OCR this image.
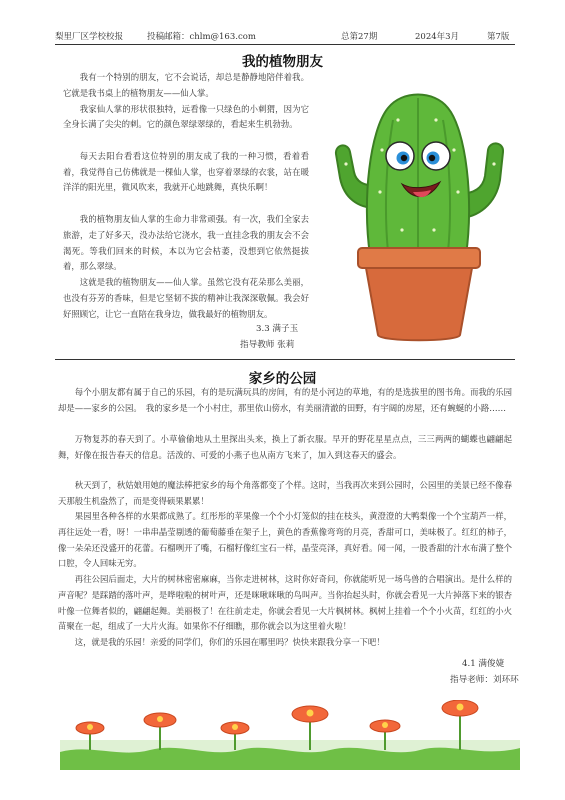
梨里厂区学校校报	投稿邮箱：chlm@163.com	总第27期	2024年3月	第7版
我的植物朋友

我有一个特别的朋友，它不会说话，却总是静静地陪伴着我。它就是我书桌上的植物朋友——仙人掌。

我家仙人掌的形状很独特，远看像一只绿色的小刺猬，因为它全身长满了尖尖的刺。它的颜色翠绿翠绿的，看起来生机勃勃。

每天去阳台看看这位特别的朋友成了我的一种习惯，看着看着，我觉得自己仿佛就是一棵仙人掌，也穿着翠绿的衣裳，站在暖洋洋的阳光里，微风吹来，我就开心地跳舞，真快乐啊！

我的植物朋友仙人掌的生命力非常顽强。有一次，我们全家去旅游，走了好多天，没办法给它浇水，我一直挂念我的朋友会不会渴死。等我们回来的时候，本以为它会枯萎，没想到它依然挺拔着，那么翠绿。

这就是我的植物朋友——仙人掌。虽然它没有花朵那么美丽，也没有芬芳的香味，但是它坚韧不拔的精神让我深深敬佩。我会好好照顾它，让它一直陪在我身边，做我最好的植物朋友。

3.3 满子玉
指导教师 张莉
家乡的公园

每个小朋友都有属于自己的乐园，有的是玩满玩具的房间，有的是小河边的草地，有的是选拔里的图书角。而我的乐园却是——家乡的公园。　我的家乡是一个小村庄，那里依山傍水，有美丽清澈的田野，有宇阔的房屋，还有蜿蜒的小路……

万物复苏的春天到了。小草偷偷地从土里探出头来，换上了新衣服。早开的野花星星点点，三三两两的蝴蝶也翩翩起舞，好像在报告春天的信息。活泼的、可爱的小燕子也从南方飞来了，加入到这春天的盛会。

秋天到了，秋姑娘用她的魔法棒把家乡的每个角落都变了个样。这时，当我再次来到公园时，公园里的美景已经不像春天那般生机盎然了，而是变得硕果累累！

果园里各种各样的水果都成熟了。红彤彤的苹果像一个个小灯笼似的挂在枝头，黄澄澄的大鸭梨像一个个宝葫芦一样，再往远处一看，呀！一串串晶莹剔透的葡萄藤垂在架子上，黄色的香蕉像弯弯的月亮，香甜可口，美味极了。红红的柿子，像一朵朵还没盛开的花蕾。石榴咧开了嘴，石榴籽像红宝石一样，晶莹亮泽，真好看。闻一闻，一股香甜的汁水布满了整个口腔，令人回味无穷。

再往公园后面走，大片的树林密密麻麻，当你走进树林，这时你好奇问，你就能听见一场鸟兽的合唱演出。是什么样的声音呢？是踩踏的落叶声，是哗啦啦的树叶声，还是咪啾咪啾的鸟叫声。当你抬起头时，你就会看见一大片掉落下来的银杏叶像一位舞者似的，翩翩起舞。美丽极了！在往前走走，你就会看见一大片枫树林。枫树上挂着一个个小火苗，红红的小火苗聚在一起，组成了一大片火海。如果你不仔细瞧，那你就会以为这里着火啦！

这，就是我的乐园！亲爱的同学们，你们的乐园在哪里吗？快快来跟我分享一下吧！

4.1 满俊婕
指导老师：刘环环
